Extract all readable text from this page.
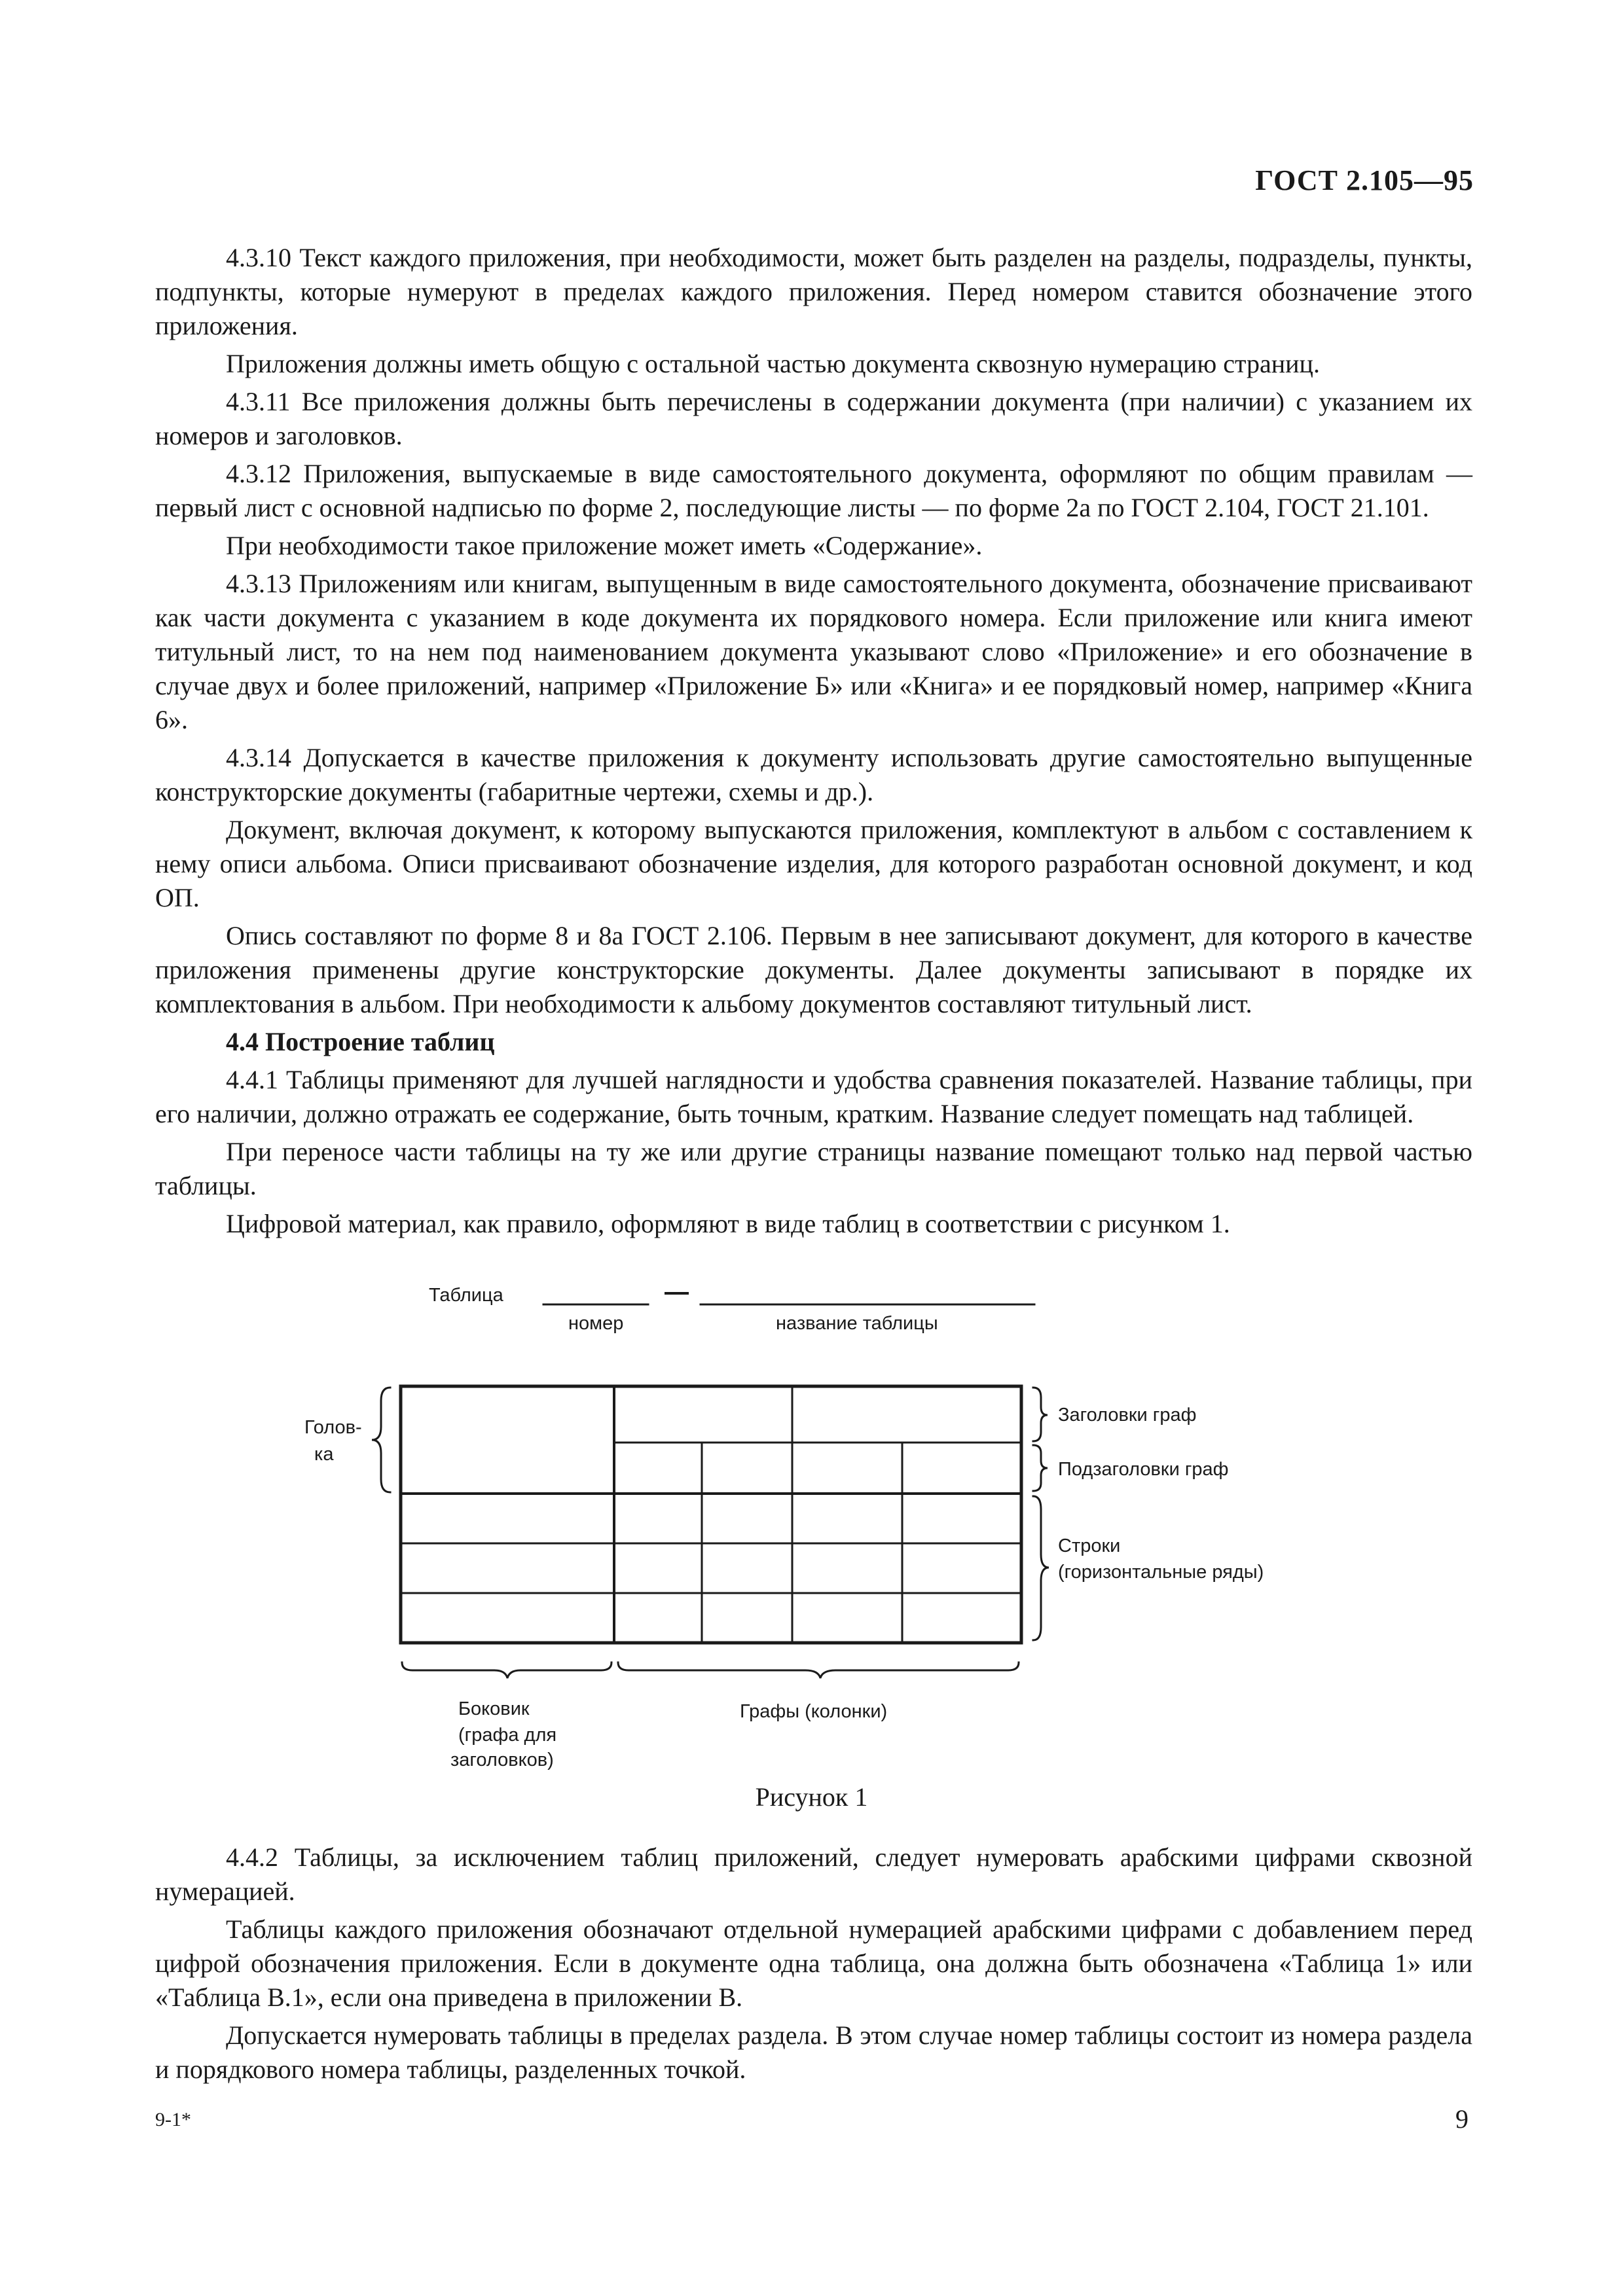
ГОСТ 2.105—95

4.3.10 Текст каждого приложения, при необходимости, может быть разделен на разделы, подразделы, пункты, подпункты, которые нумеруют в пределах каждого приложения. Перед номером ставится обозначение этого приложения.

Приложения должны иметь общую с остальной частью документа сквозную нумерацию страниц.

4.3.11 Все приложения должны быть перечислены в содержании документа (при наличии) с указанием их номеров и заголовков.

4.3.12 Приложения, выпускаемые в виде самостоятельного документа, оформляют по общим правилам — первый лист с основной надписью по форме 2, последующие листы — по форме 2а по ГОСТ 2.104, ГОСТ 21.101.

При необходимости такое приложение может иметь «Содержание».

4.3.13 Приложениям или книгам, выпущенным в виде самостоятельного документа, обозначение присваивают как части документа с указанием в коде документа их порядкового номера. Если приложение или книга имеют титульный лист, то на нем под наименованием документа указывают слово «Приложение» и его обозначение в случае двух и более приложений, например «Приложение Б» или «Книга» и ее порядковый номер, например «Книга 6».

4.3.14 Допускается в качестве приложения к документу использовать другие самостоятельно выпущенные конструкторские документы (габаритные чертежи, схемы и др.).

Документ, включая документ, к которому выпускаются приложения, комплектуют в альбом с составлением к нему описи альбома. Описи присваивают обозначение изделия, для которого разработан основной документ, и код ОП.

Опись составляют по форме 8 и 8а ГОСТ 2.106. Первым в нее записывают документ, для которого в качестве приложения применены другие конструкторские документы. Далее документы записывают в порядке их комплектования в альбом. При необходимости к альбому документов составляют титульный лист.

4.4 Построение таблиц

4.4.1 Таблицы применяют для лучшей наглядности и удобства сравнения показателей. Название таблицы, при его наличии, должно отражать ее содержание, быть точным, кратким. Название следует помещать над таблицей.

При переносе части таблицы на ту же или другие страницы название помещают только над первой частью таблицы.

Цифровой материал, как правило, оформляют в виде таблиц в соответствии с рисунком 1.

Таблица
номер	название таблицы
Голов-
ка
Заголовки граф
Подзаголовки граф
Строки
(горизонтальные ряды)
Боковик
(графа для
заголовков)
Графы (колонки)
Рисунок 1

4.4.2 Таблицы, за исключением таблиц приложений, следует нумеровать арабскими цифрами сквозной нумерацией.

Таблицы каждого приложения обозначают отдельной нумерацией арабскими цифрами с добавлением перед цифрой обозначения приложения. Если в документе одна таблица, она должна быть обозначена «Таблица 1» или «Таблица В.1», если она приведена в приложении В.

Допускается нумеровать таблицы в пределах раздела. В этом случае номер таблицы состоит из номера раздела и порядкового номера таблицы, разделенных точкой.

9-1*	9
